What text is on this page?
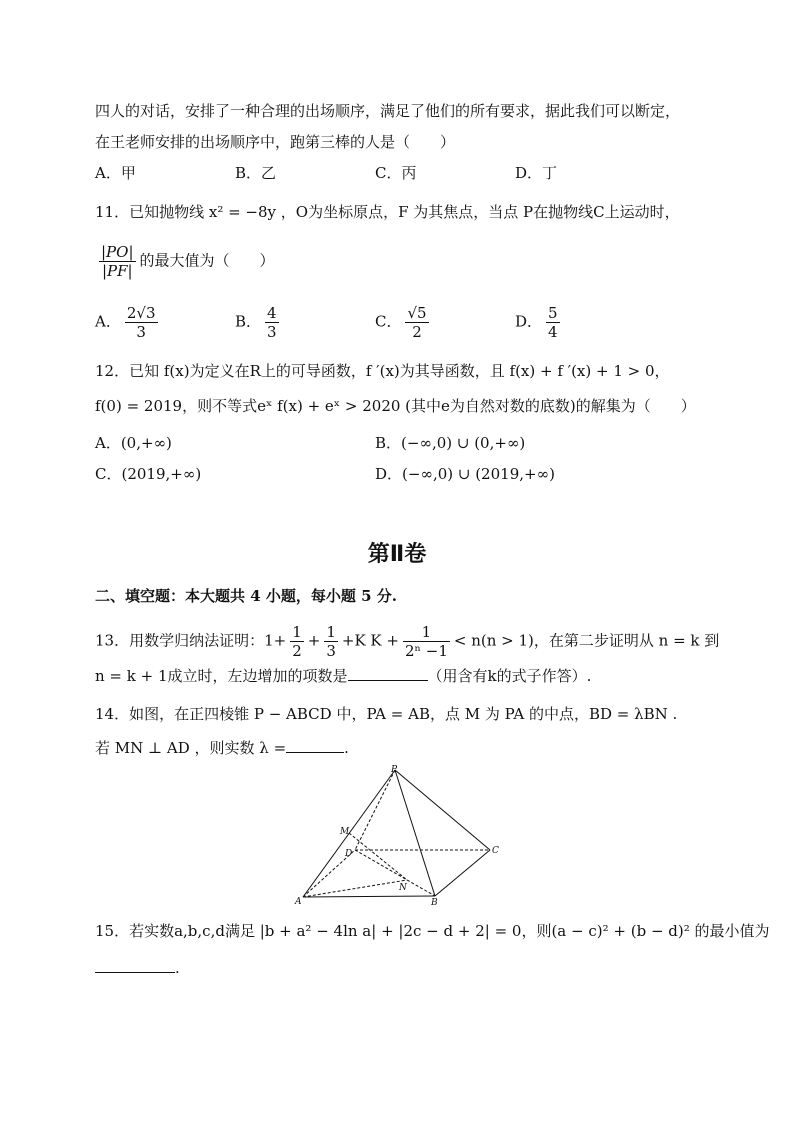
四人的对话，安排了一种合理的出场顺序，满足了他们的所有要求，据此我们可以断定，
在王老师安排的出场顺序中，跑第三棒的人是（　　）
A．甲	B．乙	C．丙	D．丁
11．已知抛物线 x² = −8y ，O为坐标原点，F 为其焦点，当点 P在抛物线C上运动时，
$\frac{|PO|}{|PF|}$ 的最大值为（　　）
A． $\frac{2√3}{3}$	B． $\frac{4}{3}$	C． $\frac{√5}{2}$	D． $\frac{5}{4}$
12．已知 f(x)为定义在R上的可导函数，f ′(x)为其导函数，且 f(x) + f ′(x) + 1 > 0，
f(0) = 2019，则不等式eˣ f(x) + eˣ > 2020 (其中e为自然对数的底数)的解集为（　　）
A．(0,+∞)	B．(−∞,0) ∪ (0,+∞)
C．(2019,+∞)	D．(−∞,0) ∪ (2019,+∞)
第Ⅱ卷
二、填空题：本大题共 4 小题，每小题 5 分.
13．用数学归纳法证明：$1+ \frac{1}{2} + \frac{1}{3} +K$ $K + \frac{1}{\text{2ⁿ −1}} < n(n > 1)$，在第二步证明从 n = k 到
n = k + 1成立时，左边增加的项数是	（用含有k的式子作答）.
14．如图，在正四棱锥 P − ABCD 中，PA = AB，点 M 为 PA 的中点，BD = λBN .
若 MN ⊥ AD ，则实数 λ =	.
P
M
D	C
N
A	B
15．若实数a,b,c,d满足 |b + a² − 4ln a| + |2c − d + 2| = 0，则(a − c)² + (b − d)² 的最小值为
.
